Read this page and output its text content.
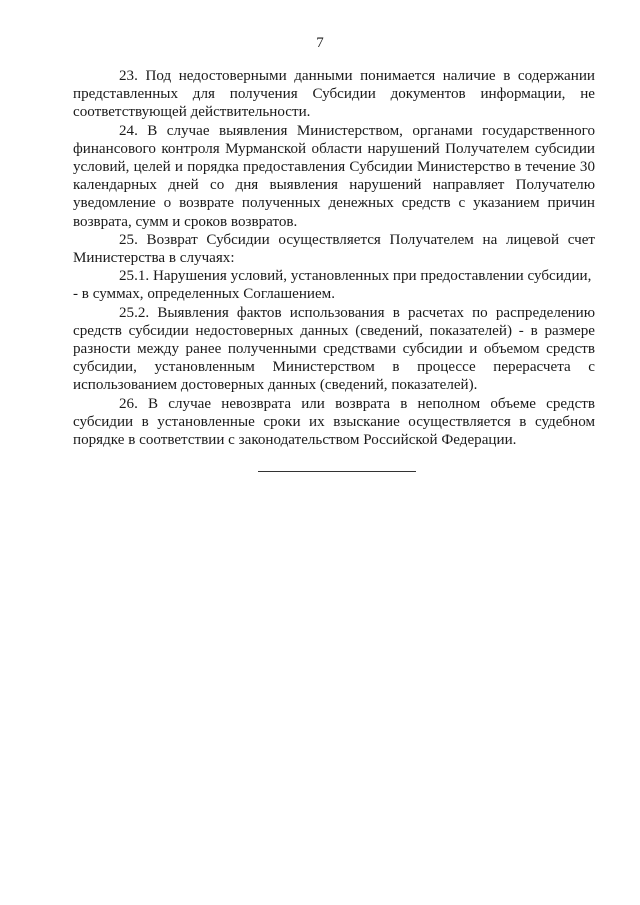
7

23. Под недостоверными данными понимается наличие в содержании представленных для получения Субсидии документов информации, не соответствующей действительности.

24. В случае выявления Министерством, органами государственного финансового контроля Мурманской области нарушений Получателем субсидии условий, целей и порядка предоставления Субсидии Министерство в течение 30 календарных дней со дня выявления нарушений направляет Получателю уведомление о возврате полученных денежных средств с указанием причин возврата, сумм и сроков возвратов.

25. Возврат Субсидии осуществляется Получателем на лицевой счет Министерства в случаях:

25.1. Нарушения условий, установленных при предоставлении субсидии,

- в суммах, определенных Соглашением.

25.2. Выявления фактов использования в расчетах по распределению средств субсидии недостоверных данных (сведений, показателей) - в размере разности между ранее полученными средствами субсидии и объемом средств субсидии, установленным Министерством в процессе перерасчета с использованием достоверных данных (сведений, показателей).

26. В случае невозврата или возврата в неполном объеме средств субсидии в установленные сроки их взыскание осуществляется в судебном порядке в соответствии с законодательством Российской Федерации.
